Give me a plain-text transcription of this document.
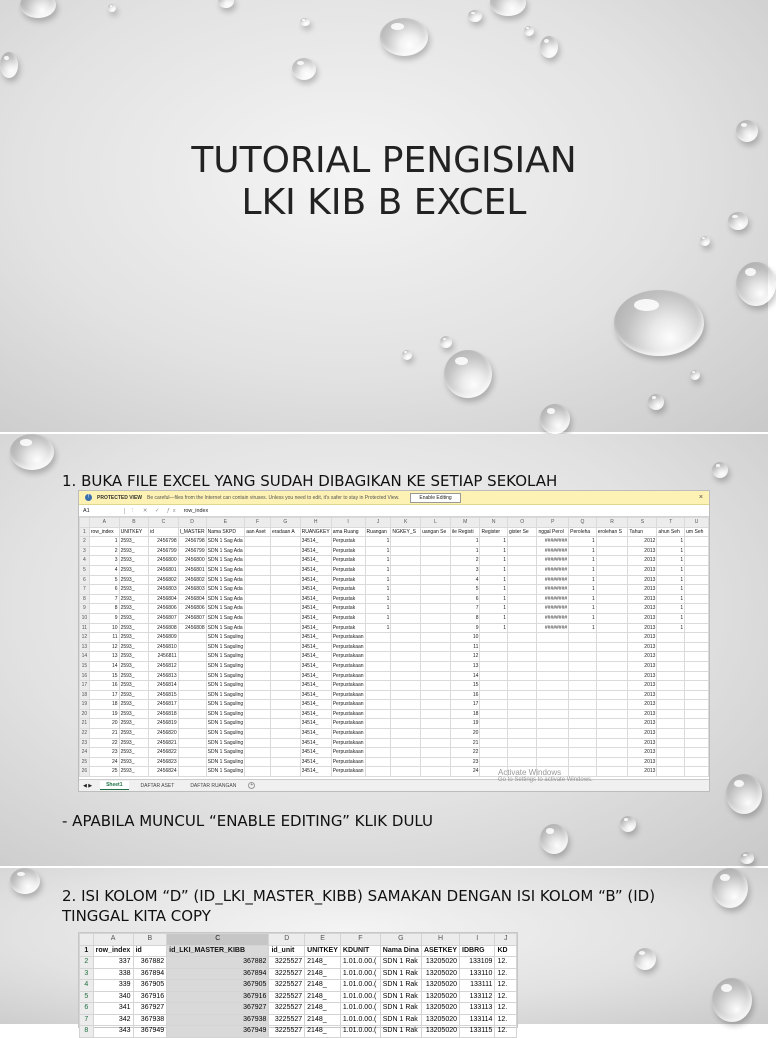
TUTORIAL PENGISIAN
LKI KIB B EXCEL
1. BUKA FILE EXCEL YANG SUDAH DIBAGIKAN KE SETIAP SEKOLAH
!	PROTECTED VIEW Be careful—files from the Internet can contain viruses. Unless you need to edit, it's safer to stay in Protected View.	Enable Editing	×
A1	⋮ ✕ ✓ ƒx row_index
	A	B	C	D	E	F	G	H	I	J	K	L	M	N	O	P	Q	R	S	T	U
1	row_index	UNITKEY	id	I_MASTER	Nama SKPD	aan Aset	eradaan A	RUANGKEY	ama Ruang	Ruangan	NGKEY_S	uangan Se	ile Registi	Register	gister Se	nggal Perol	Peroleha	erolehan S	Tahun	ahun Seh	um Seh
2	1	2593_	2456798	2456798	SDN 1 Sag Ada			34514_	Perpustak	1			1	1		########	1		2012	1	
3	2	2593_	2456799	2456799	SDN 1 Sag Ada			34514_	Perpustak	1			1	1		########	1		2013	1	
4	3	2593_	2456800	2456800	SDN 1 Sag Ada			34514_	Perpustak	1			2	1		########	1		2013	1	
5	4	2593_	2456801	2456801	SDN 1 Sag Ada			34514_	Perpustak	1			3	1		########	1		2013	1	
6	5	2593_	2456802	2456802	SDN 1 Sag Ada			34514_	Perpustak	1			4	1		########	1		2013	1	
7	6	2593_	2456803	2456803	SDN 1 Sag Ada			34514_	Perpustak	1			5	1		########	1		2013	1	
8	7	2593_	2456804	2456804	SDN 1 Sag Ada			34514_	Perpustak	1			6	1		########	1		2013	1	
9	8	2593_	2456806	2456806	SDN 1 Sag Ada			34514_	Perpustak	1			7	1		########	1		2013	1	
10	9	2593_	2456807	2456807	SDN 1 Sag Ada			34514_	Perpustak	1			8	1		########	1		2013	1	
11	10	2593_	2456808	2456808	SDN 1 Sag Ada			34514_	Perpustak	1			9	1		########	1		2013	1	
12	11	2593_	2456809		SDN 1 Saguling			34514_	Perpustakaan				10						2013		
13	12	2593_	2456810		SDN 1 Saguling			34514_	Perpustakaan				11						2013		
14	13	2593_	2456811		SDN 1 Saguling			34514_	Perpustakaan				12						2013		
15	14	2593_	2456812		SDN 1 Saguling			34514_	Perpustakaan				13						2013		
16	15	2593_	2456813		SDN 1 Saguling			34514_	Perpustakaan				14						2013		
17	16	2593_	2456814		SDN 1 Saguling			34514_	Perpustakaan				15						2013		
18	17	2593_	2456815		SDN 1 Saguling			34514_	Perpustakaan				16						2013		
19	18	2593_	2456817		SDN 1 Saguling			34514_	Perpustakaan				17						2013		
20	19	2593_	2456818		SDN 1 Saguling			34514_	Perpustakaan				18						2013		
21	20	2593_	2456819		SDN 1 Saguling			34514_	Perpustakaan				19						2013		
22	21	2593_	2456820		SDN 1 Saguling			34514_	Perpustakaan				20						2013		
23	22	2593_	2456821		SDN 1 Saguling			34514_	Perpustakaan				21						2013		
24	23	2593_	2456822		SDN 1 Saguling			34514_	Perpustakaan				22						2013		
25	24	2593_	2456823		SDN 1 Saguling			34514_	Perpustakaan				23						2013		
26	25	2593_	2456824		SDN 1 Saguling			34514_	Perpustakaan				24						2013		
◀ ▶	Sheet1	DAFTAR ASET	DAFTAR RUANGAN	+
Activate Windows
Go to Settings to activate Windows.
- APABILA MUNCUL “ENABLE EDITING” KLIK DULU
2. ISI KOLOM “D” (ID_LKI_MASTER_KIBB) SAMAKAN DENGAN ISI KOLOM “B” (ID) TINGGAL KITA COPY
	A	B	C	D	E	F	G	H	I	J
1	row_index	id	id_LKI_MASTER_KIBB	id_unit	UNITKEY	KDUNIT	Nama Dina	ASETKEY	IDBRG	KD
2	337	367882	367882	3225527	2148_	1.01.0.00.(	SDN 1 Rak	13205020	133109	12.
3	338	367894	367894	3225527	2148_	1.01.0.00.(	SDN 1 Rak	13205020	133110	12.
4	339	367905	367905	3225527	2148_	1.01.0.00.(	SDN 1 Rak	13205020	133111	12.
5	340	367916	367916	3225527	2148_	1.01.0.00.(	SDN 1 Rak	13205020	133112	12.
6	341	367927	367927	3225527	2148_	1.01.0.00.(	SDN 1 Rak	13205020	133113	12.
7	342	367938	367938	3225527	2148_	1.01.0.00.(	SDN 1 Rak	13205020	133114	12.
8	343	367949	367949	3225527	2148_	1.01.0.00.(	SDN 1 Rak	13205020	133115	12.
